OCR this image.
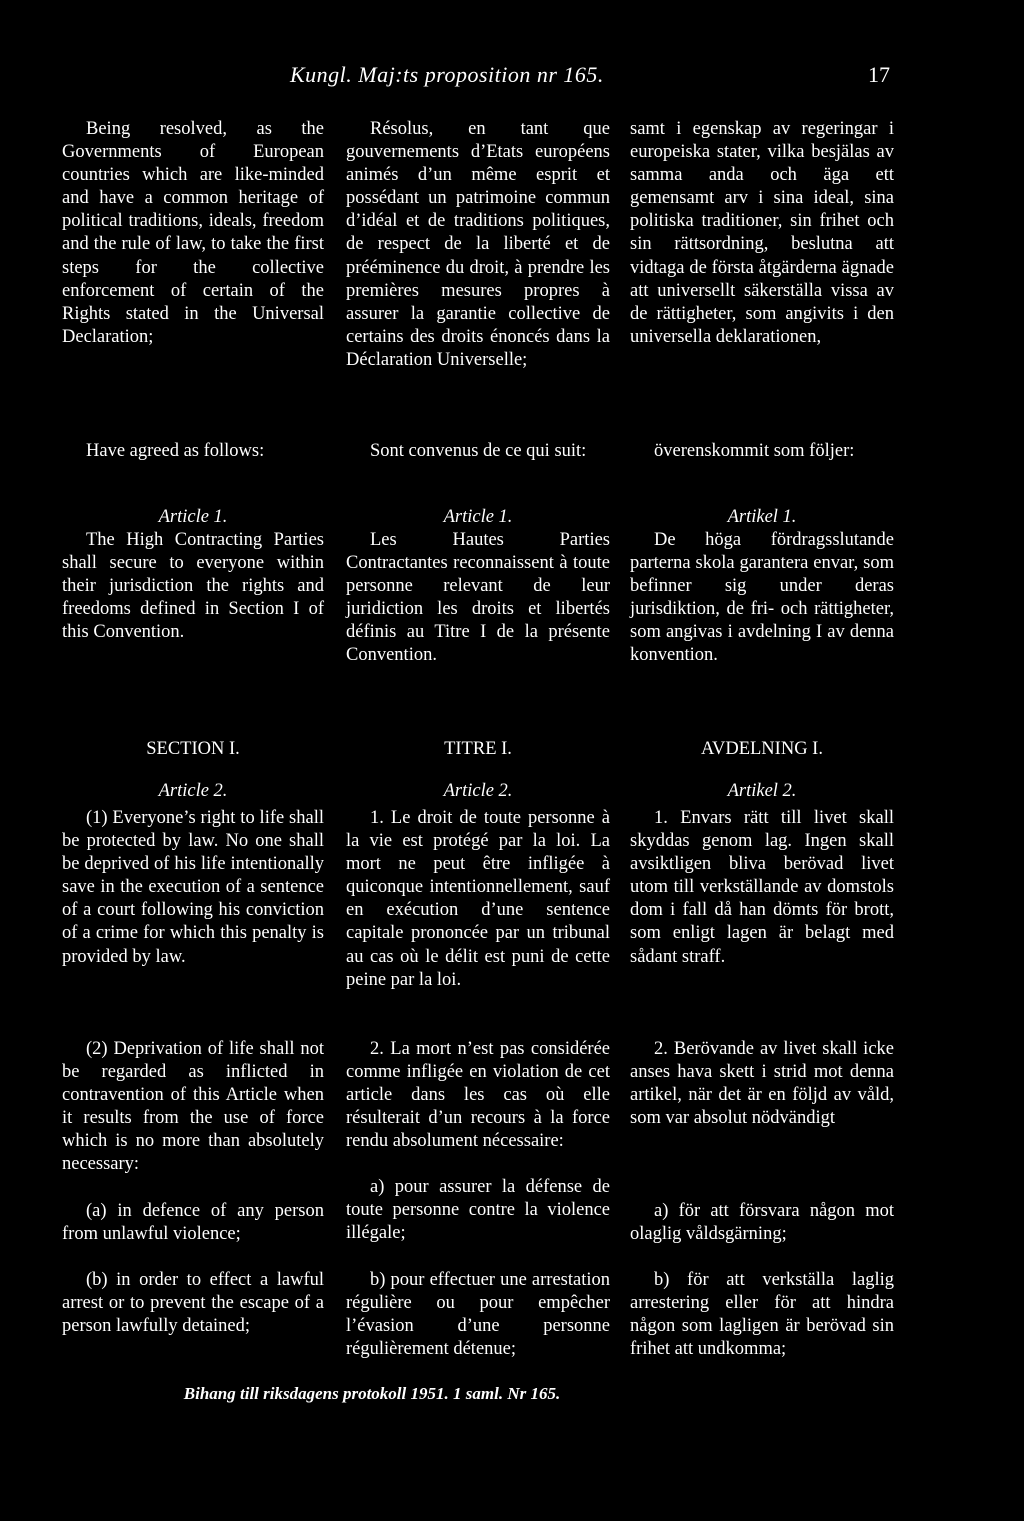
Kungl. Maj:ts proposition nr 165.	17

Being resolved, as the Governments of European countries which are like-minded and have a common heritage of political traditions, ideals, freedom and the rule of law, to take the first steps for the collective enforcement of certain of the Rights stated in the Universal Declaration;

Have agreed as follows:

Article 1.

The High Contracting Parties shall secure to everyone within their jurisdiction the rights and freedoms defined in Section I of this Convention.

SECTION I.

Article 2.

(1) Everyone’s right to life shall be protected by law. No one shall be deprived of his life intentionally save in the execution of a sentence of a court following his conviction of a crime for which this penalty is provided by law.

(2) Deprivation of life shall not be regarded as inflicted in contravention of this Article when it results from the use of force which is no more than absolutely necessary:

(a) in defence of any person from unlawful violence;

(b) in order to effect a lawful arrest or to prevent the escape of a person lawfully detained;

Résolus, en tant que gouvernements d’Etats européens animés d’un même esprit et possédant un patrimoine commun d’idéal et de traditions politiques, de respect de la liberté et de prééminence du droit, à prendre les premières mesures propres à assurer la garantie collective de certains des droits énoncés dans la Déclaration Universelle;

Sont convenus de ce qui suit:

Article 1.

Les Hautes Parties Contractantes reconnaissent à toute personne relevant de leur juridiction les droits et libertés définis au Titre I de la présente Convention.

TITRE I.

Article 2.

1. Le droit de toute personne à la vie est protégé par la loi. La mort ne peut être infligée à quiconque intentionnellement, sauf en exécution d’une sentence capitale prononcée par un tribunal au cas où le délit est puni de cette peine par la loi.

2. La mort n’est pas considérée comme infligée en violation de cet article dans les cas où elle résulterait d’un recours à la force rendu absolument nécessaire:

a) pour assurer la défense de toute personne contre la violence illégale;

b) pour effectuer une arrestation régulière ou pour empêcher l’évasion d’une personne régulièrement détenue;

samt i egenskap av regeringar i europeiska stater, vilka besjälas av samma anda och äga ett gemensamt arv i sina ideal, sina politiska traditioner, sin frihet och sin rättsordning, beslutna att vidtaga de första åtgärderna ägnade att universellt säkerställa vissa av de rättigheter, som angivits i den universella deklarationen,

överenskommit som följer:

Artikel 1.

De höga fördragsslutande parterna skola garantera envar, som befinner sig under deras jurisdiktion, de fri- och rättigheter, som angivas i avdelning I av denna konvention.

AVDELNING I.

Artikel 2.

1. Envars rätt till livet skall skyddas genom lag. Ingen skall avsiktligen bliva berövad livet utom till verkställande av domstols dom i fall då han dömts för brott, som enligt lagen är belagt med sådant straff.

2. Berövande av livet skall icke anses hava skett i strid mot denna artikel, när det är en följd av våld, som var absolut nödvändigt

a) för att försvara någon mot olaglig våldsgärning;

b) för att verkställa laglig arrestering eller för att hindra någon som lagligen är berövad sin frihet att undkomma;

Bihang till riksdagens protokoll 1951. 1 saml. Nr 165.
